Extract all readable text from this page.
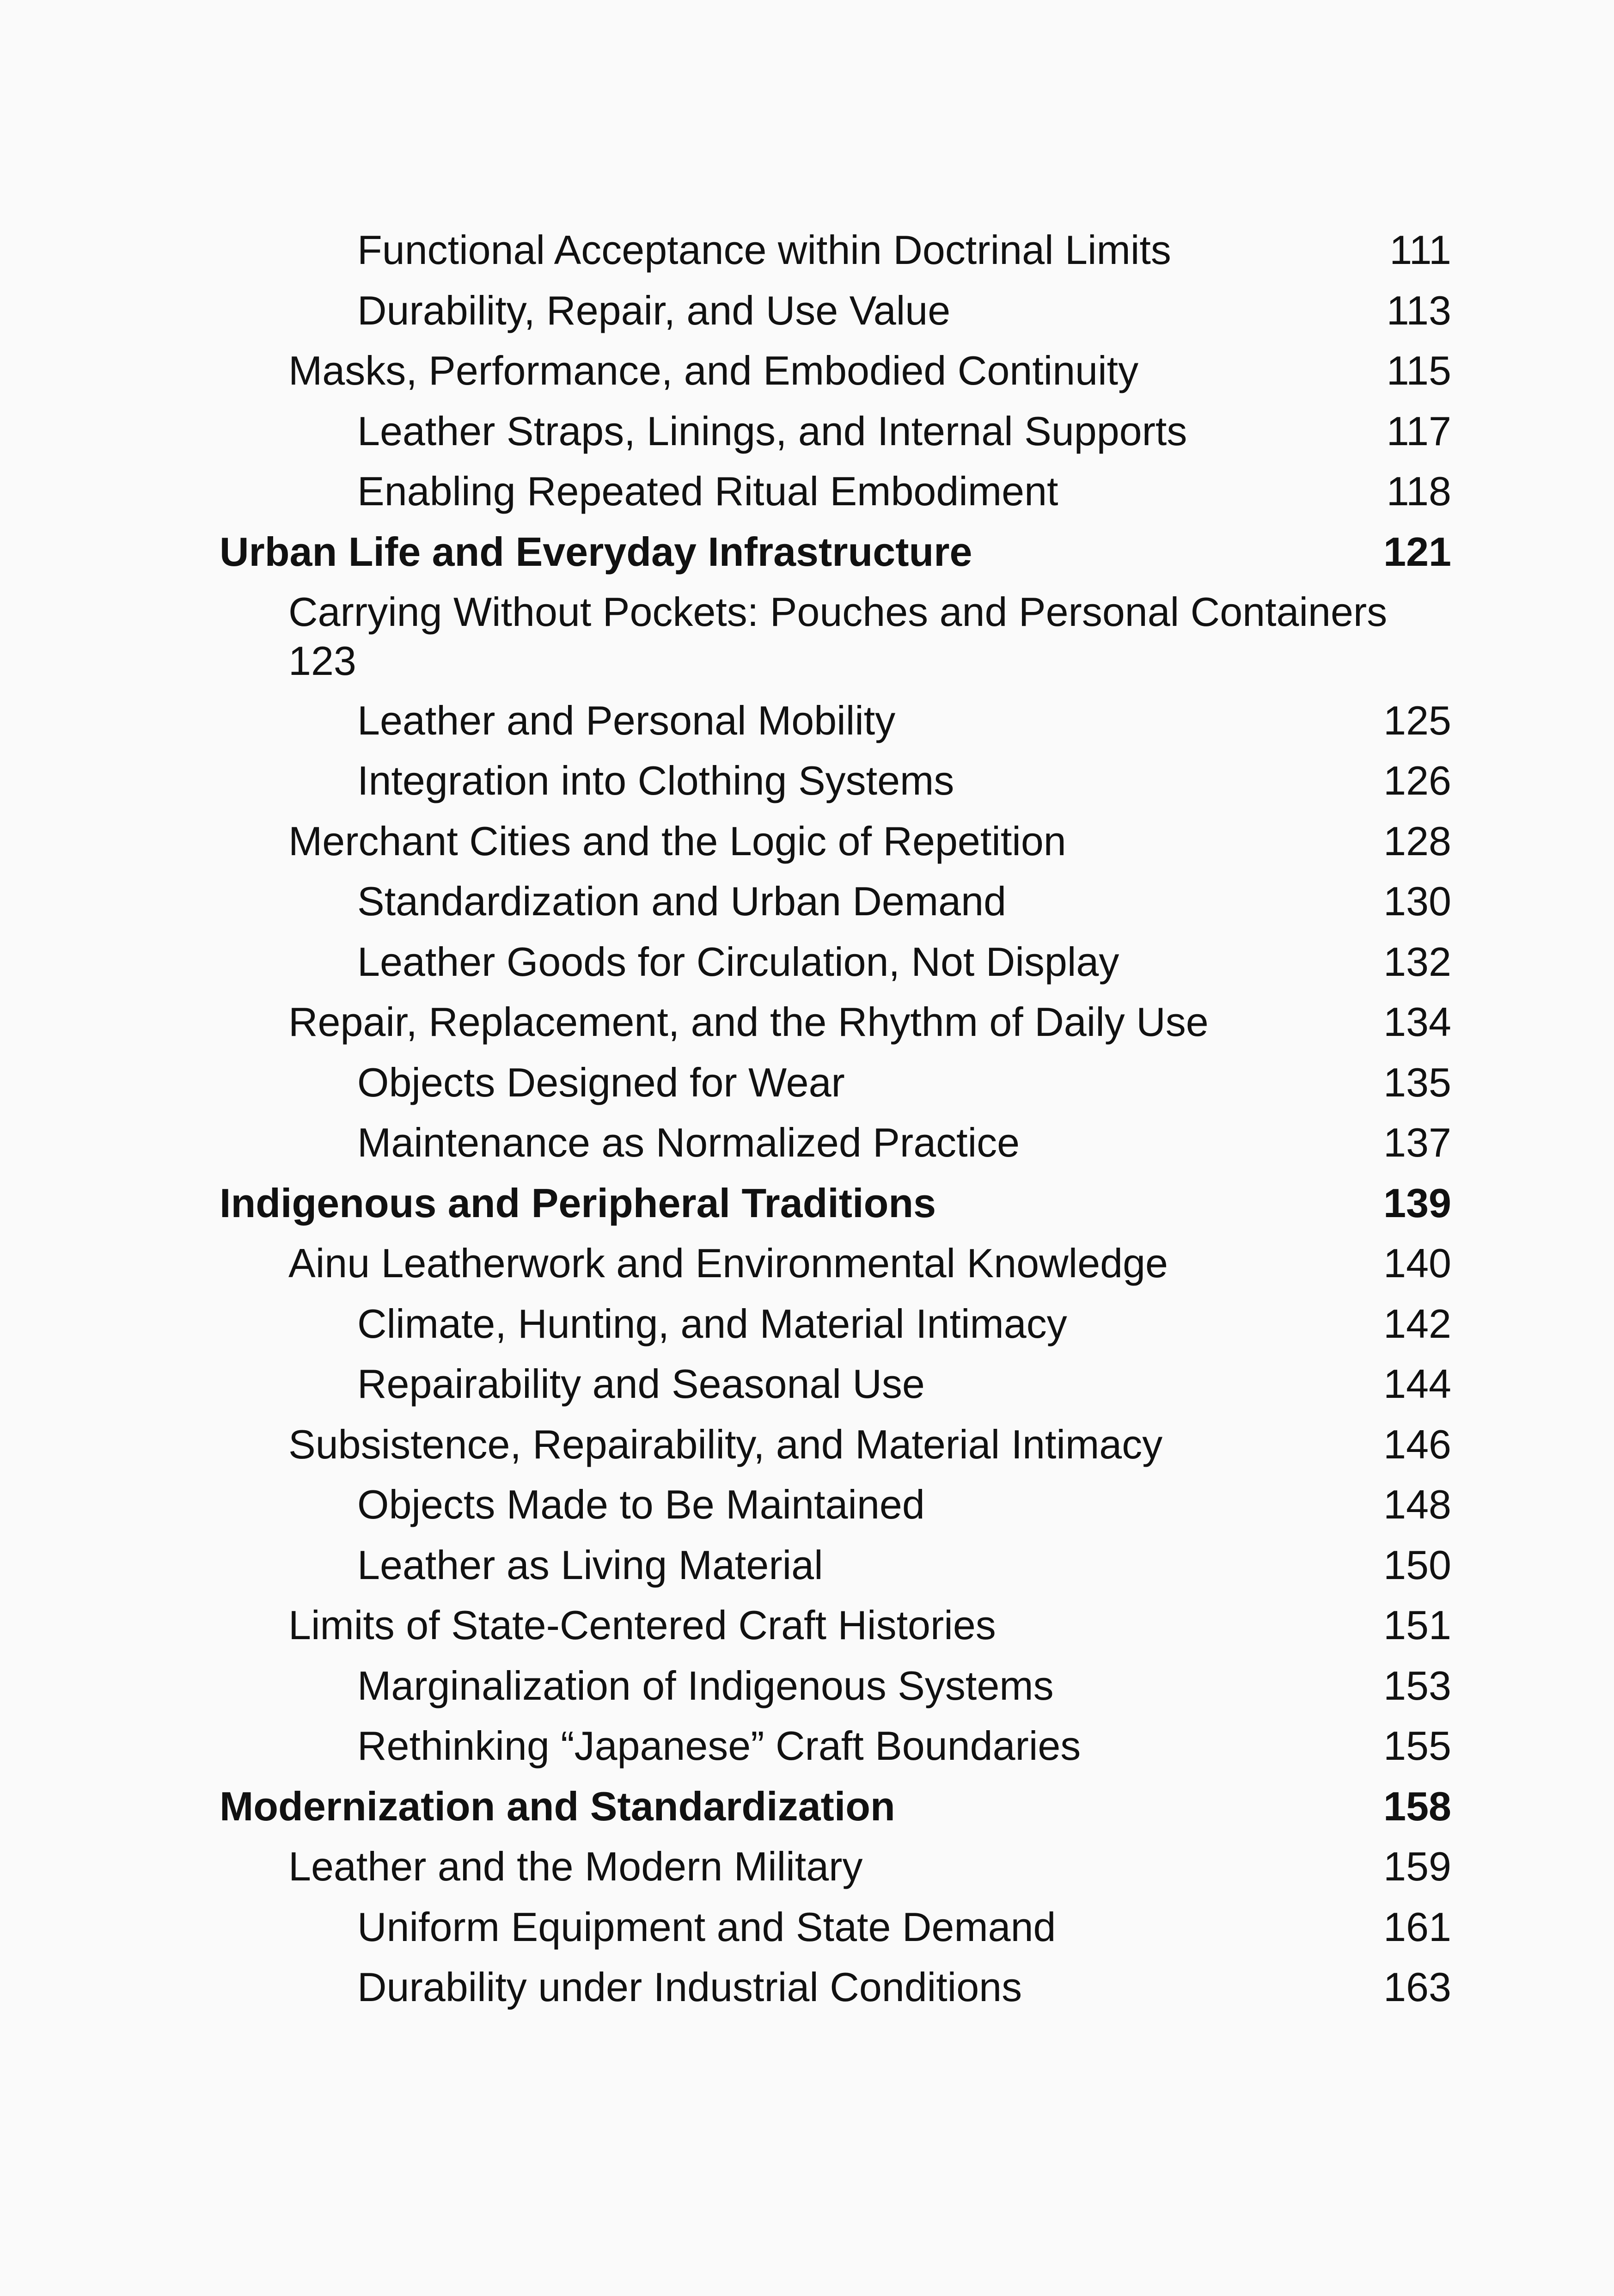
Functional Acceptance within Doctrinal Limits	111
Durability, Repair, and Use Value	113
Masks, Performance, and Embodied Continuity	115
Leather Straps, Linings, and Internal Supports	117
Enabling Repeated Ritual Embodiment	118
Urban Life and Everyday Infrastructure	121
Carrying Without Pockets: Pouches and Personal Containers
123
Leather and Personal Mobility	125
Integration into Clothing Systems	126
Merchant Cities and the Logic of Repetition	128
Standardization and Urban Demand	130
Leather Goods for Circulation, Not Display	132
Repair, Replacement, and the Rhythm of Daily Use	134
Objects Designed for Wear	135
Maintenance as Normalized Practice	137
Indigenous and Peripheral Traditions	139
Ainu Leatherwork and Environmental Knowledge	140
Climate, Hunting, and Material Intimacy	142
Repairability and Seasonal Use	144
Subsistence, Repairability, and Material Intimacy	146
Objects Made to Be Maintained	148
Leather as Living Material	150
Limits of State-Centered Craft Histories	151
Marginalization of Indigenous Systems	153
Rethinking “Japanese” Craft Boundaries	155
Modernization and Standardization	158
Leather and the Modern Military	159
Uniform Equipment and State Demand	161
Durability under Industrial Conditions	163
